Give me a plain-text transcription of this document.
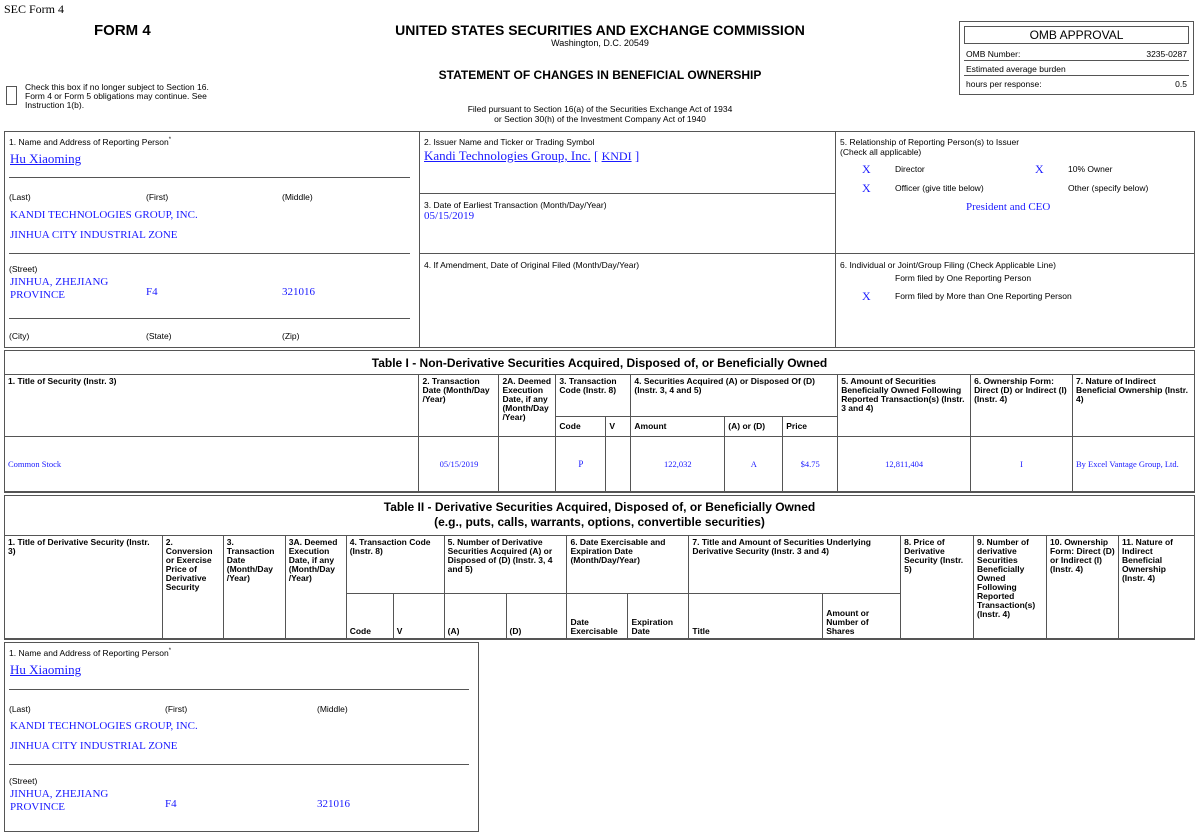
SEC Form 4
FORM 4	UNITED STATES SECURITIES AND EXCHANGE COMMISSION
Washington, D.C. 20549
STATEMENT OF CHANGES IN BENEFICIAL OWNERSHIP
Filed pursuant to Section 16(a) of the Securities Exchange Act of 1934
or Section 30(h) of the Investment Company Act of 1940
Check this box if no longer subject to Section 16.
Form 4 or Form 5 obligations may continue. See
Instruction 1(b).
OMB APPROVAL
OMB Number:	3235-0287
Estimated average burden
hours per response:	0.5
1. Name and Address of Reporting Person*
Hu Xiaoming
(Last)	(First)	(Middle)
KANDI TECHNOLOGIES GROUP, INC.
JINHUA CITY INDUSTRIAL ZONE
(Street)
JINHUA, ZHEJIANG
PROVINCE	F4	321016
(City)	(State)	(Zip)
2. Issuer Name and Ticker or Trading Symbol
Kandi Technologies Group, Inc. [ KNDI ]
3. Date of Earliest Transaction (Month/Day/Year)
05/15/2019
4. If Amendment, Date of Original Filed (Month/Day/Year)
5. Relationship of Reporting Person(s) to Issuer
(Check all applicable)
X	Director	X	10% Owner
X	Officer (give title below)	Other (specify below)
President and CEO
6. Individual or Joint/Group Filing (Check Applicable Line)
Form filed by One Reporting Person
X	Form filed by More than One Reporting Person
Table I - Non-Derivative Securities Acquired, Disposed of, or Beneficially Owned
1. Title of Security (Instr. 3)	2. Transaction Date (Month/Day /Year)	2A. Deemed Execution Date, if any (Month/Day /Year)	3. Transaction Code (Instr. 8)		4. Securities Acquired (A) or Disposed Of (D) (Instr. 3, 4 and 5)			5. Amount of Securities Beneficially Owned Following Reported Transaction(s) (Instr. 3 and 4)	6. Ownership Form: Direct (D) or Indirect (I) (Instr. 4)	7. Nature of Indirect Beneficial Ownership (Instr. 4)
			Code	V	Amount	(A) or (D)	Price			
Common Stock	05/15/2019		P		122,032	A	$4.75	12,811,404	I	By Excel Vantage Group, Ltd.
Table II - Derivative Securities Acquired, Disposed of, or Beneficially Owned
(e.g., puts, calls, warrants, options, convertible securities)
1. Title of Derivative Security (Instr. 3)	2. Conversion or Exercise Price of Derivative Security	3. Transaction Date (Month/Day /Year)	3A. Deemed Execution Date, if any (Month/Day /Year)	4. Transaction Code (Instr. 8)		5. Number of Derivative Securities Acquired (A) or Disposed of (D) (Instr. 3, 4 and 5)		6. Date Exercisable and Expiration Date (Month/Day/Year)		7. Title and Amount of Securities Underlying Derivative Security (Instr. 3 and 4)		8. Price of Derivative Security (Instr. 5)	9. Number of derivative Securities Beneficially Owned Following Reported Transaction(s) (Instr. 4)	10. Ownership Form: Direct (D) or Indirect (I) (Instr. 4)	11. Nature of Indirect Beneficial Ownership (Instr. 4)
				Code	V	(A)	(D)	Date Exercisable	Expiration Date	Title	Amount or Number of Shares				
1. Name and Address of Reporting Person*
Hu Xiaoming
(Last)	(First)	(Middle)
KANDI TECHNOLOGIES GROUP, INC.
JINHUA CITY INDUSTRIAL ZONE
(Street)
JINHUA, ZHEJIANG
PROVINCE	F4	321016
